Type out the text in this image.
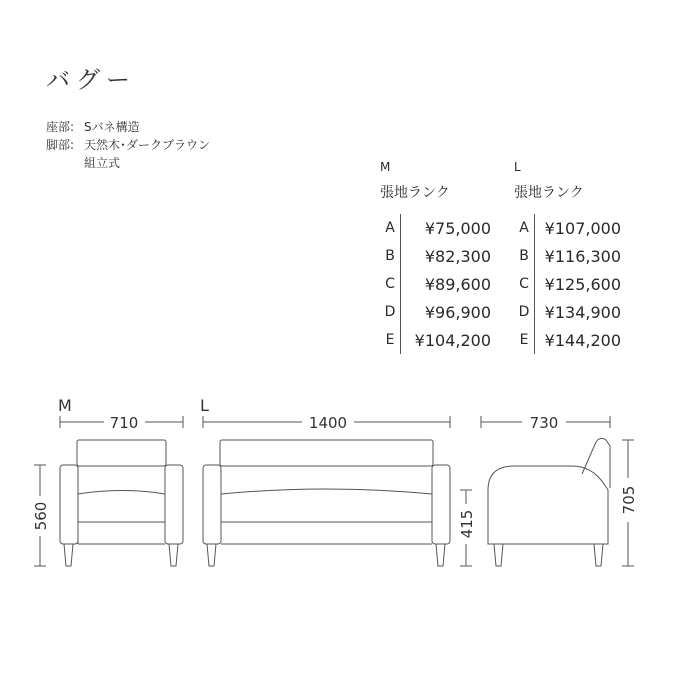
バグー
座部: Sバネ構造
脚部: 天然木･ダークブラウン
組立式	M
張地ランク
A	¥75,000
B	¥82,300
C	¥89,600
D	¥96,900
E	¥104,200
L
張地ランク
A	¥107,000
B	¥116,300
C	¥125,600
D	¥134,900
E	¥144,200
M	L
710	1400	730
560	415
705
